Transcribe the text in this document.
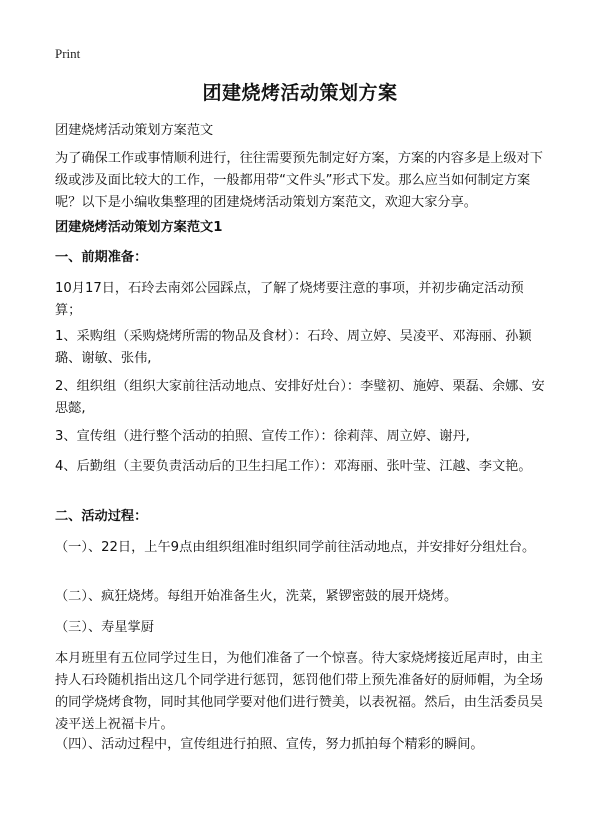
Print
团建烧烤活动策划方案
团建烧烤活动策划方案范文
为了确保工作或事情顺利进行，往往需要预先制定好方案，方案的内容多是上级对下级或涉及面比较大的工作，一般都用带“文件头”形式下发。那么应当如何制定方案呢？以下是小编收集整理的团建烧烤活动策划方案范文，欢迎大家分享。
团建烧烤活动策划方案范文1
一、前期准备：
10月17日，石玲去南郊公园踩点，了解了烧烤要注意的事项，并初步确定活动预算；
1、采购组（采购烧烤所需的物品及食材）：石玲、周立婷、吴凌平、邓海丽、孙颖璐、谢敏、张伟,
2、组织组（组织大家前往活动地点、安排好灶台）：李璧初、施婷、栗磊、余娜、安思懿,
3、宣传组（进行整个活动的拍照、宣传工作）：徐莉萍、周立婷、谢丹,
4、后勤组（主要负责活动后的卫生扫尾工作）：邓海丽、张叶莹、江越、李文艳。
二、活动过程：
（一）、22日，上午9点由组织组准时组织同学前往活动地点，并安排好分组灶台。
（二）、疯狂烧烤。每组开始准备生火，洗菜，紧锣密鼓的展开烧烤。
（三）、寿星掌厨
本月班里有五位同学过生日，为他们准备了一个惊喜。待大家烧烤接近尾声时，由主持人石玲随机指出这几个同学进行惩罚，惩罚他们带上预先准备好的厨师帽，为全场的同学烧烤食物，同时其他同学要对他们进行赞美，以表祝福。然后，由生活委员吴凌平送上祝福卡片。
（四）、活动过程中，宣传组进行拍照、宣传，努力抓拍每个精彩的瞬间。
